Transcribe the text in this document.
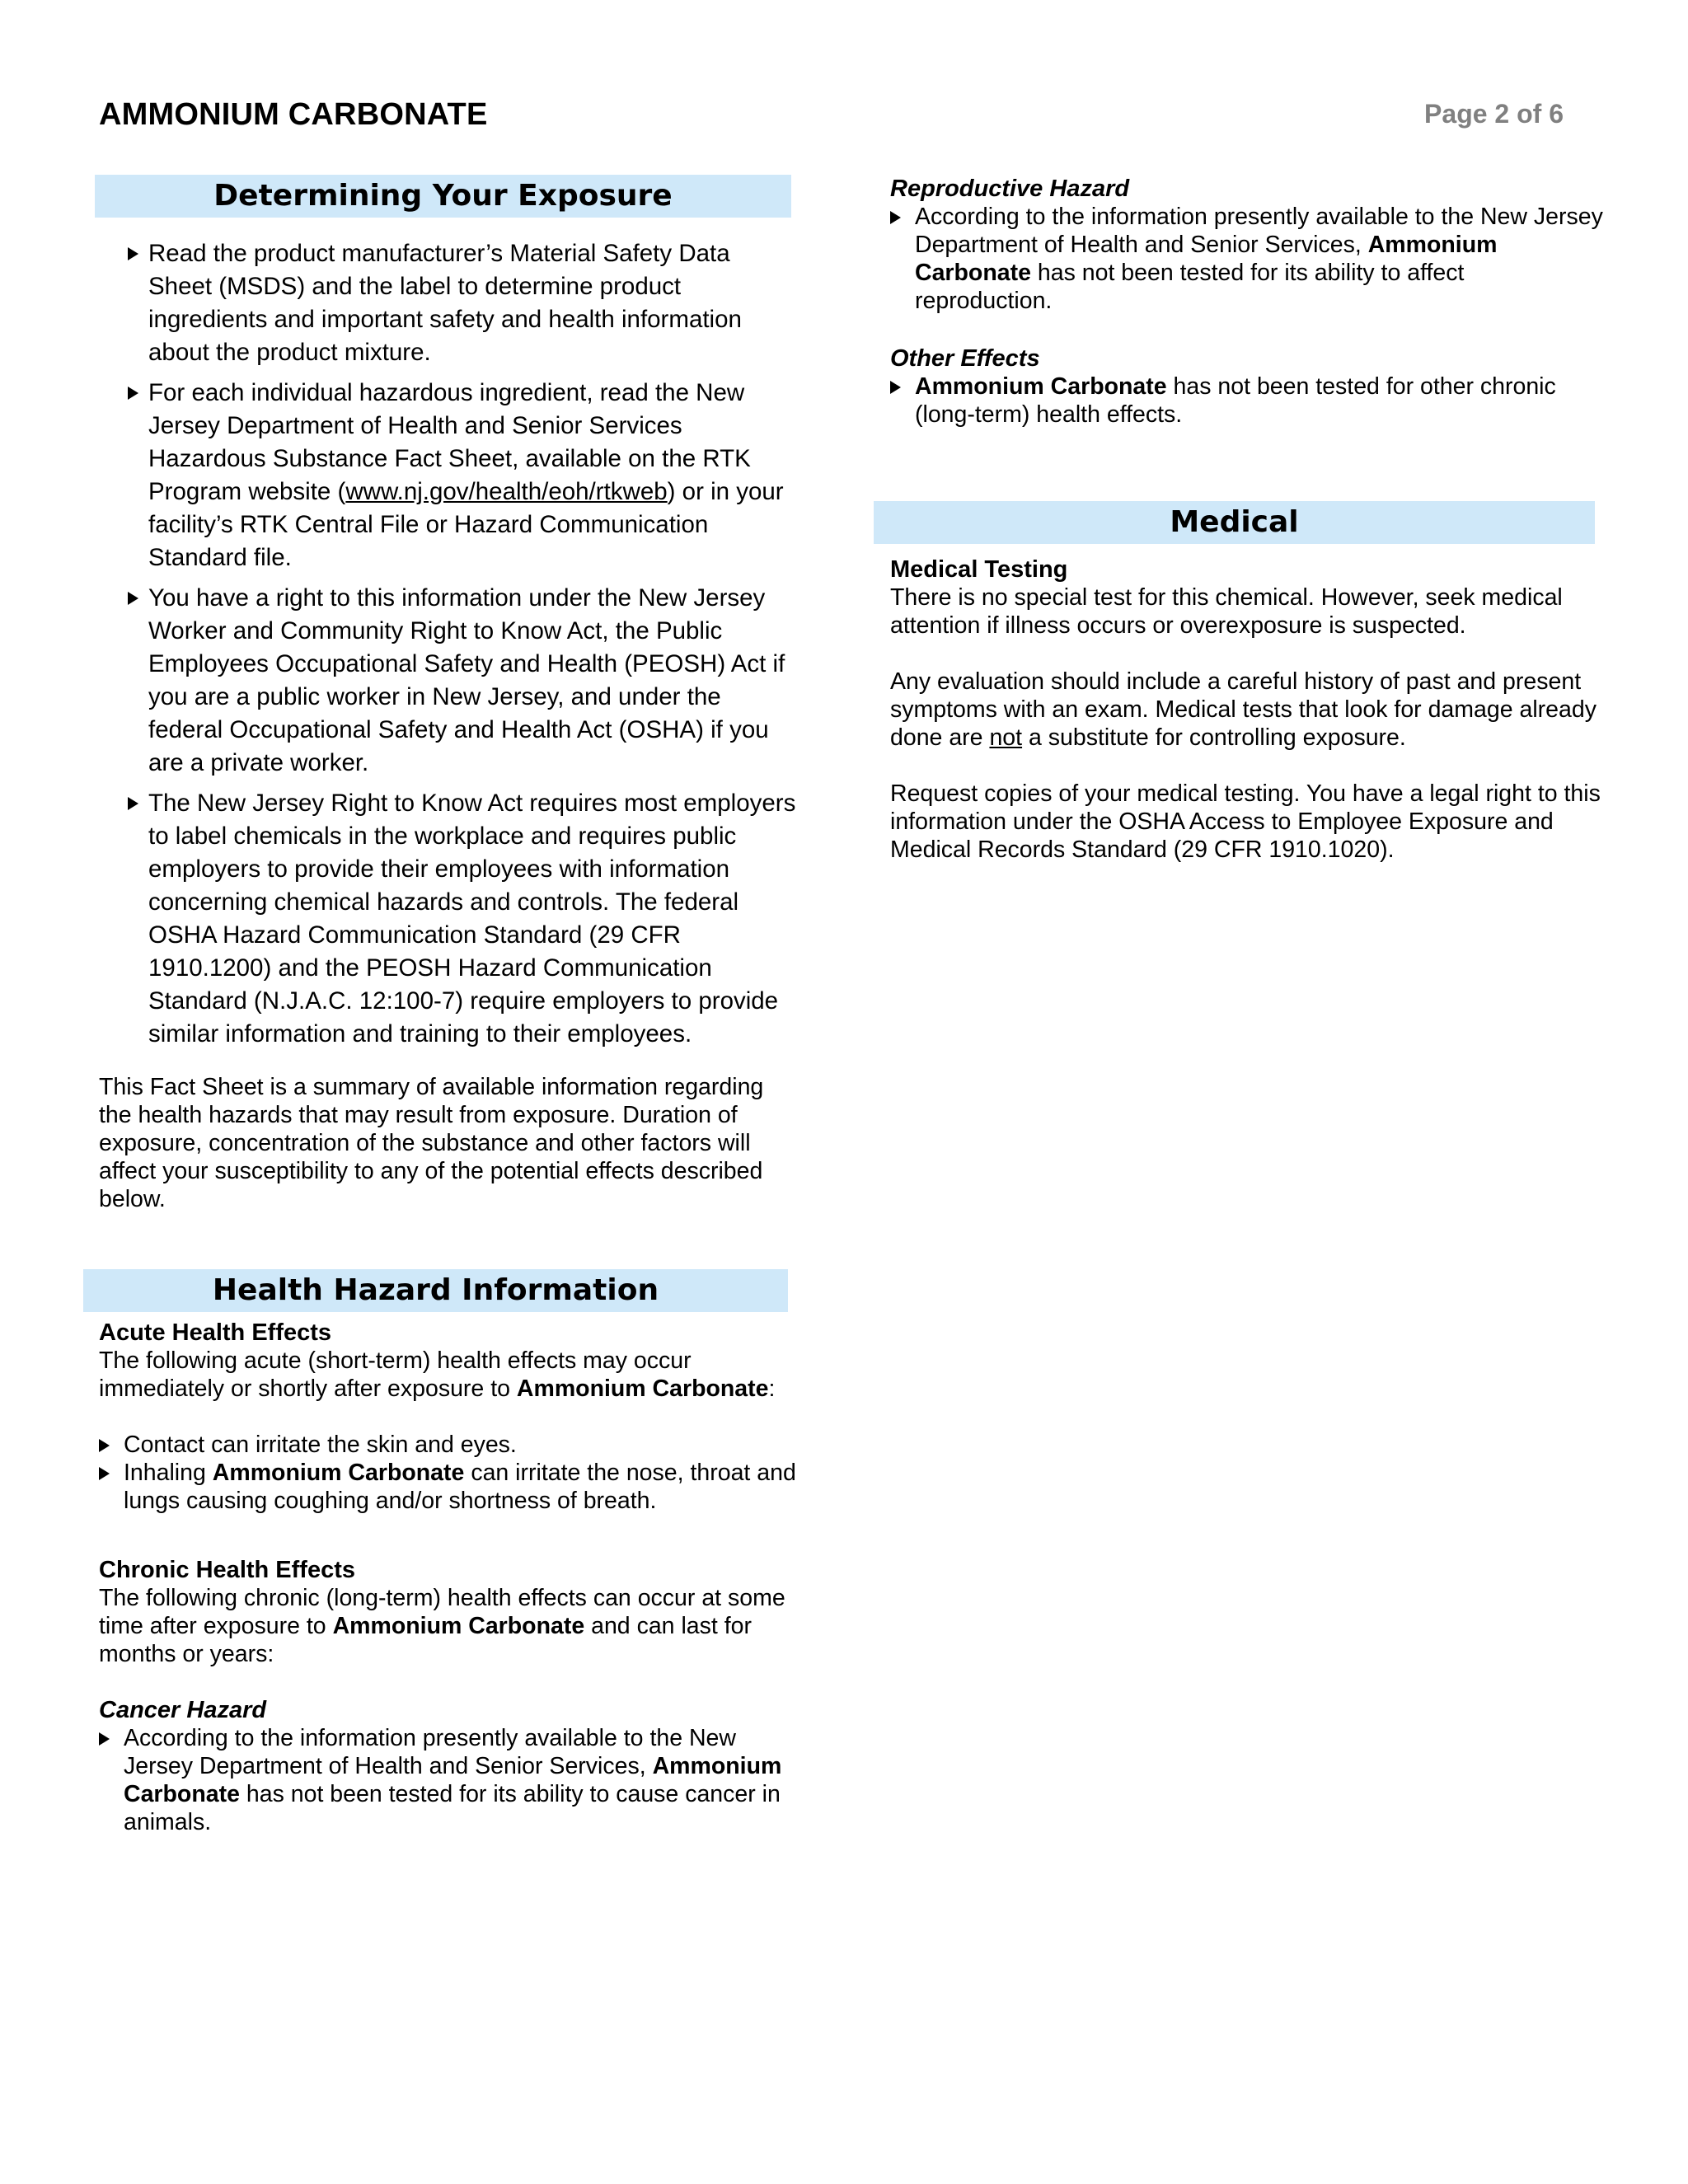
AMMONIUM CARBONATE	Page 2 of 6
Determining Your Exposure
Read the product manufacturer’s Material Safety Data Sheet (MSDS) and the label to determine product ingredients and important safety and health information about the product mixture.
For each individual hazardous ingredient, read the New Jersey Department of Health and Senior Services Hazardous Substance Fact Sheet, available on the RTK Program website (www.nj.gov/health/eoh/rtkweb) or in your facility’s RTK Central File or Hazard Communication Standard file.
You have a right to this information under the New Jersey Worker and Community Right to Know Act, the Public Employees Occupational Safety and Health (PEOSH) Act if you are a public worker in New Jersey, and under the federal Occupational Safety and Health Act (OSHA) if you are a private worker.
The New Jersey Right to Know Act requires most employers to label chemicals in the workplace and requires public employers to provide their employees with information concerning chemical hazards and controls. The federal OSHA Hazard Communication Standard (29 CFR 1910.1200) and the PEOSH Hazard Communication Standard (N.J.A.C. 12:100-7) require employers to provide similar information and training to their employees.

This Fact Sheet is a summary of available information regarding the health hazards that may result from exposure. Duration of exposure, concentration of the substance and other factors will affect your susceptibility to any of the potential effects described below.

Health Hazard Information

Acute Health Effects

The following acute (short-term) health effects may occur immediately or shortly after exposure to Ammonium Carbonate:

Contact can irritate the skin and eyes.
Inhaling Ammonium Carbonate can irritate the nose, throat and lungs causing coughing and/or shortness of breath.

Chronic Health Effects

The following chronic (long-term) health effects can occur at some time after exposure to Ammonium Carbonate and can last for months or years:

Cancer Hazard

According to the information presently available to the New Jersey Department of Health and Senior Services, Ammonium Carbonate has not been tested for its ability to cause cancer in animals.

Reproductive Hazard

According to the information presently available to the New Jersey Department of Health and Senior Services, Ammonium Carbonate has not been tested for its ability to affect reproduction.

Other Effects

Ammonium Carbonate has not been tested for other chronic (long-term) health effects.
Medical

Medical Testing

There is no special test for this chemical. However, seek medical attention if illness occurs or overexposure is suspected.

Any evaluation should include a careful history of past and present symptoms with an exam. Medical tests that look for damage already done are not a substitute for controlling exposure.

Request copies of your medical testing. You have a legal right to this information under the OSHA Access to Employee Exposure and Medical Records Standard (29 CFR 1910.1020).
